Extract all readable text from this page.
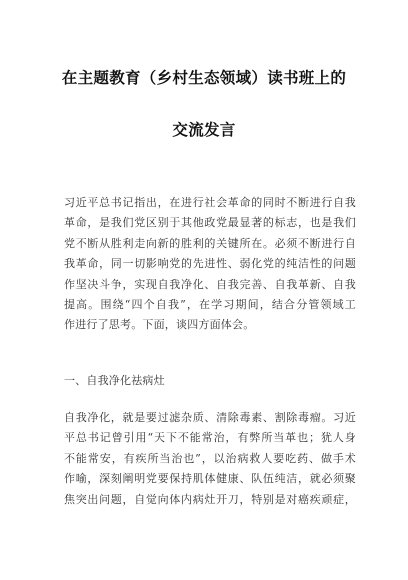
在主题教育（乡村生态领域）读书班上的
交流发言
习近平总书记指出，在进行社会革命的同时不断进行自我
革命，是我们党区别于其他政党最显著的标志，也是我们
党不断从胜利走向新的胜利的关键所在。必须不断进行自
我革命，同一切影响党的先进性、弱化党的纯洁性的问题
作坚决斗争，实现自我净化、自我完善、自我革新、自我
提高。围绕“四个自我”，在学习期间，结合分管领域工
作进行了思考。下面，谈四方面体会。
一、自我净化祛病灶
自我净化，就是要过滤杂质、清除毒素、割除毒瘤。习近
平总书记曾引用“天下不能常治，有弊所当革也；犹人身
不能常安，有疾所当治也”，以治病救人要吃药、做手术
作喻，深刻阐明党要保持肌体健康、队伍纯洁，就必须聚
焦突出问题，自觉向体内病灶开刀，特别是对癌疾顽症，
